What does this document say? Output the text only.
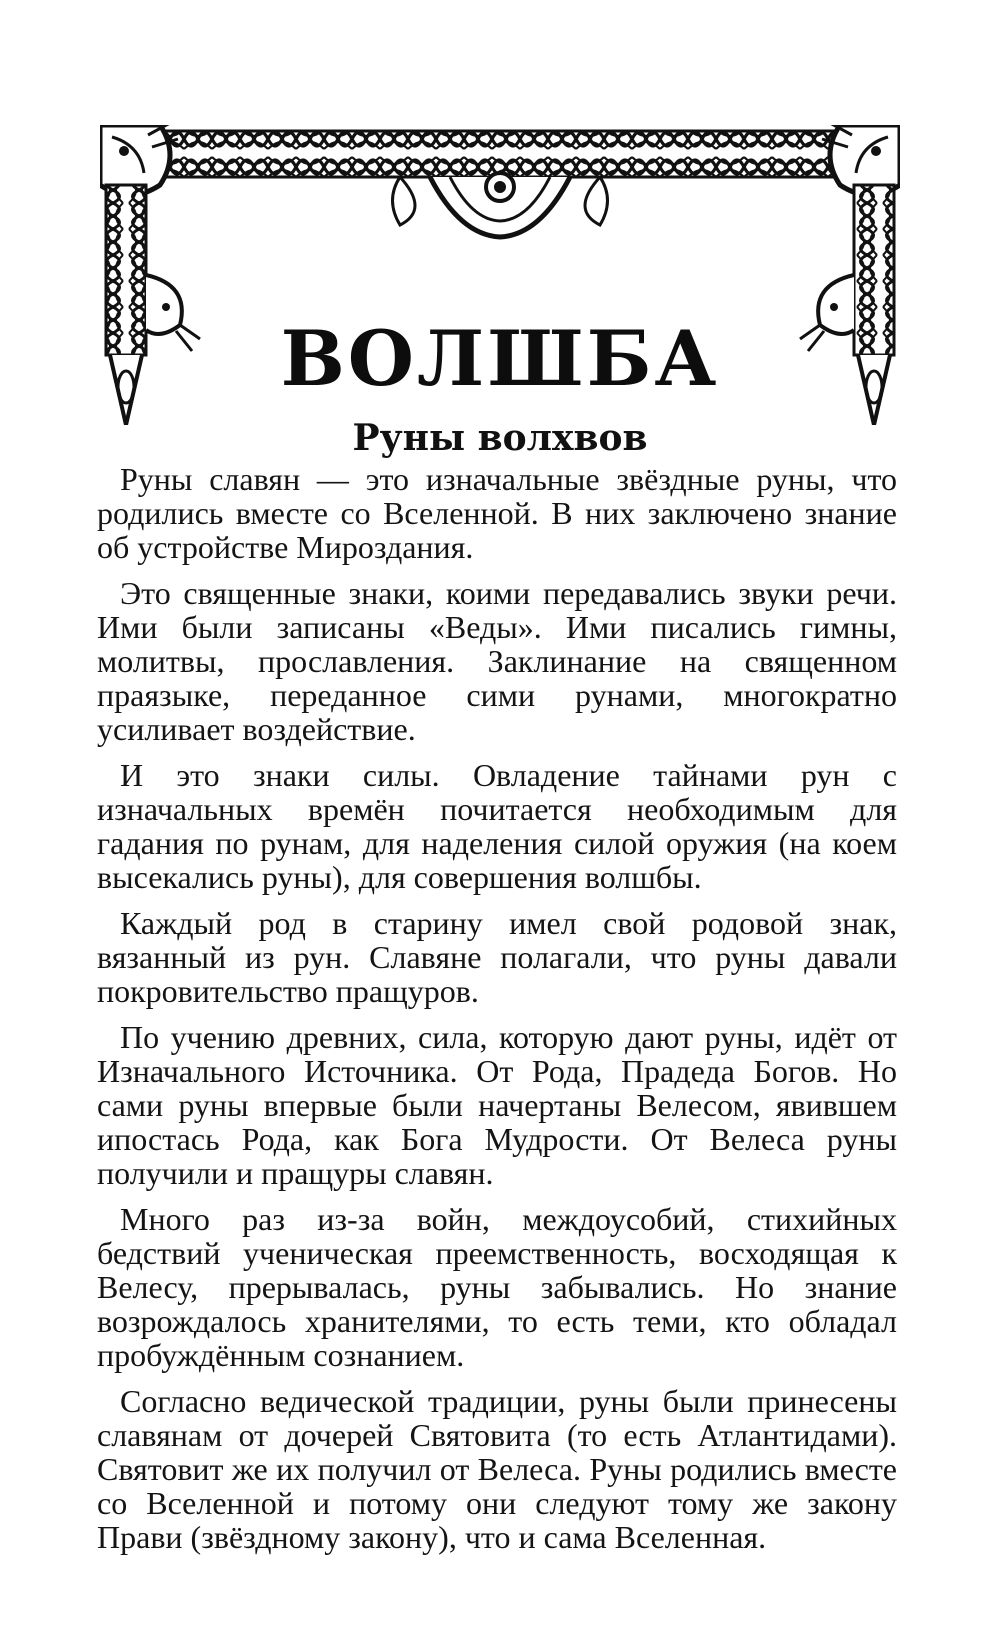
ВОЛШБА
Руны волхвов

Руны славян — это изначальные звёздные руны, что родились вместе со Вселенной. В них заключено знание об устройстве Мироздания.

Это священные знаки, коими передавались звуки речи. Ими были записаны «Веды». Ими писались гимны, молитвы, прославления. Заклинание на священном праязыке, переданное сими рунами, многократно усиливает воздействие.

И это знаки силы. Овладение тайнами рун с изначальных времён почитается необходимым для гадания по рунам, для наделения силой оружия (на коем высекались руны), для совершения волшбы.

Каждый род в старину имел свой родовой знак, вязанный из рун. Славяне полагали, что руны давали покровительство пращуров.

По учению древних, сила, которую дают руны, идёт от Изначального Источника. От Рода, Прадеда Богов. Но сами руны впервые были начертаны Велесом, явившем ипостась Рода, как Бога Мудрости. От Велеса руны получили и пращуры славян.

Много раз из-за войн, междоусобий, стихийных бедствий ученическая преемственность, восходящая к Велесу, прерывалась, руны забывались. Но знание возрождалось хранителями, то есть теми, кто обладал пробуждённым сознанием.

Согласно ведической традиции, руны были принесены славянам от дочерей Святовита (то есть Атлантидами). Святовит же их получил от Велеса. Руны родились вместе со Вселенной и потому они следуют тому же закону Прави (звёздному закону), что и сама Вселенная.
